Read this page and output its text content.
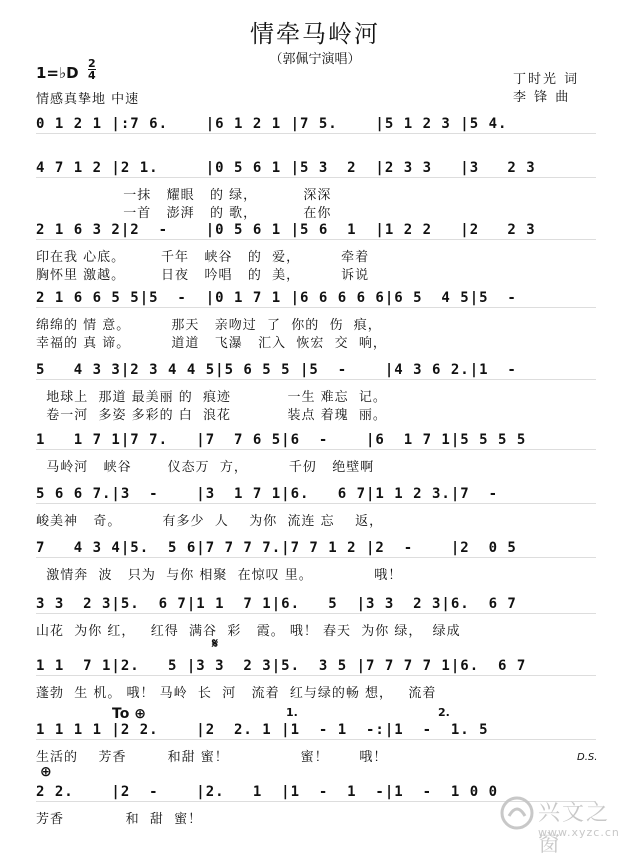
情牵马岭河
（郭佩宁演唱）
1=♭D
2
4
情感真挚地 中速
丁时光 词
李 锋 曲
0 1 2 1 |:7 6.    |6 1 2 1 |7 5.    |5 1 2 3 |5 4.
4 7 1 2 |2 1.     |0 5 6 1 |5 3  2  |2 3 3   |3   2 3
一抹   耀眼   的 绿，         深深
一首   澎湃   的 歌，         在你
2 1 6 3 2|2  -    |0 5 6 1 |5 6  1  |1 2 2   |2   2 3
印在我 心底。       千年   峡谷   的  爱，        牵着
胸怀里 激越。       日夜   吟唱   的  美，        诉说
2 1 6 6 5 5|5  -  |0 1 7 1 |6 6 6 6 6|6 5  4 5|5  -
绵绵的 情 意。        那天   亲吻过  了  你的  伤  痕，
幸福的 真 谛。        道道   飞瀑   汇入  恢宏  交  响，
5   4 3 3|2 3 4 4 5|5 6 5 5 |5  -    |4 3 6 2.|1  -
地球上  那道 最美丽 的  痕迹           一生 难忘  记。
卷一河  多姿 多彩的 白  浪花           装点 着瑰  丽。
1   1 7 1|7 7.   |7  7 6 5|6  -    |6  1 7 1|5 5 5 5
马岭河   峡谷       仪态万  方，        千仞   绝壁啊
5 6 6 7.|3  -    |3  1 7 1|6.   6 7|1 1 2 3.|7  -
峻美神   奇。        有多少  人    为你  流连 忘    返，
7   4 3 4|5.  5 6|7 7 7 7.|7 7 1 2 |2  -    |2  0 5
激情奔  波   只为  与你 相聚  在惊叹 里。            哦！
3 3  2 3|5.  6 7|1 1  7 1|6.   5  |3 3  2 3|6.  6 7
山花  为你 红，   红得  满谷  彩   霞。 哦！ 春天  为你 绿，  绿成
1 1  7 1|2.   5 |3 3  2 3|5.  3 5 |7 7 7 7 1|6.  6 7
蓬勃  生 机。 哦！ 马岭  长  河   流着  红与绿的畅 想，   流着
1 1 1 1 |2 2.    |2  2. 1 |1  - 1  -:|1  -  1. 5
生活的    芳香        和甜 蜜！              蜜！      哦！
2 2.    |2  -    |2.   1  |1  -  1  -|1  -  1 0 0
芳香            和  甜  蜜！
To ⊕
𝄋
1.	2.
D.S.
⊕
兴文之窗
www.xyzc.cn
